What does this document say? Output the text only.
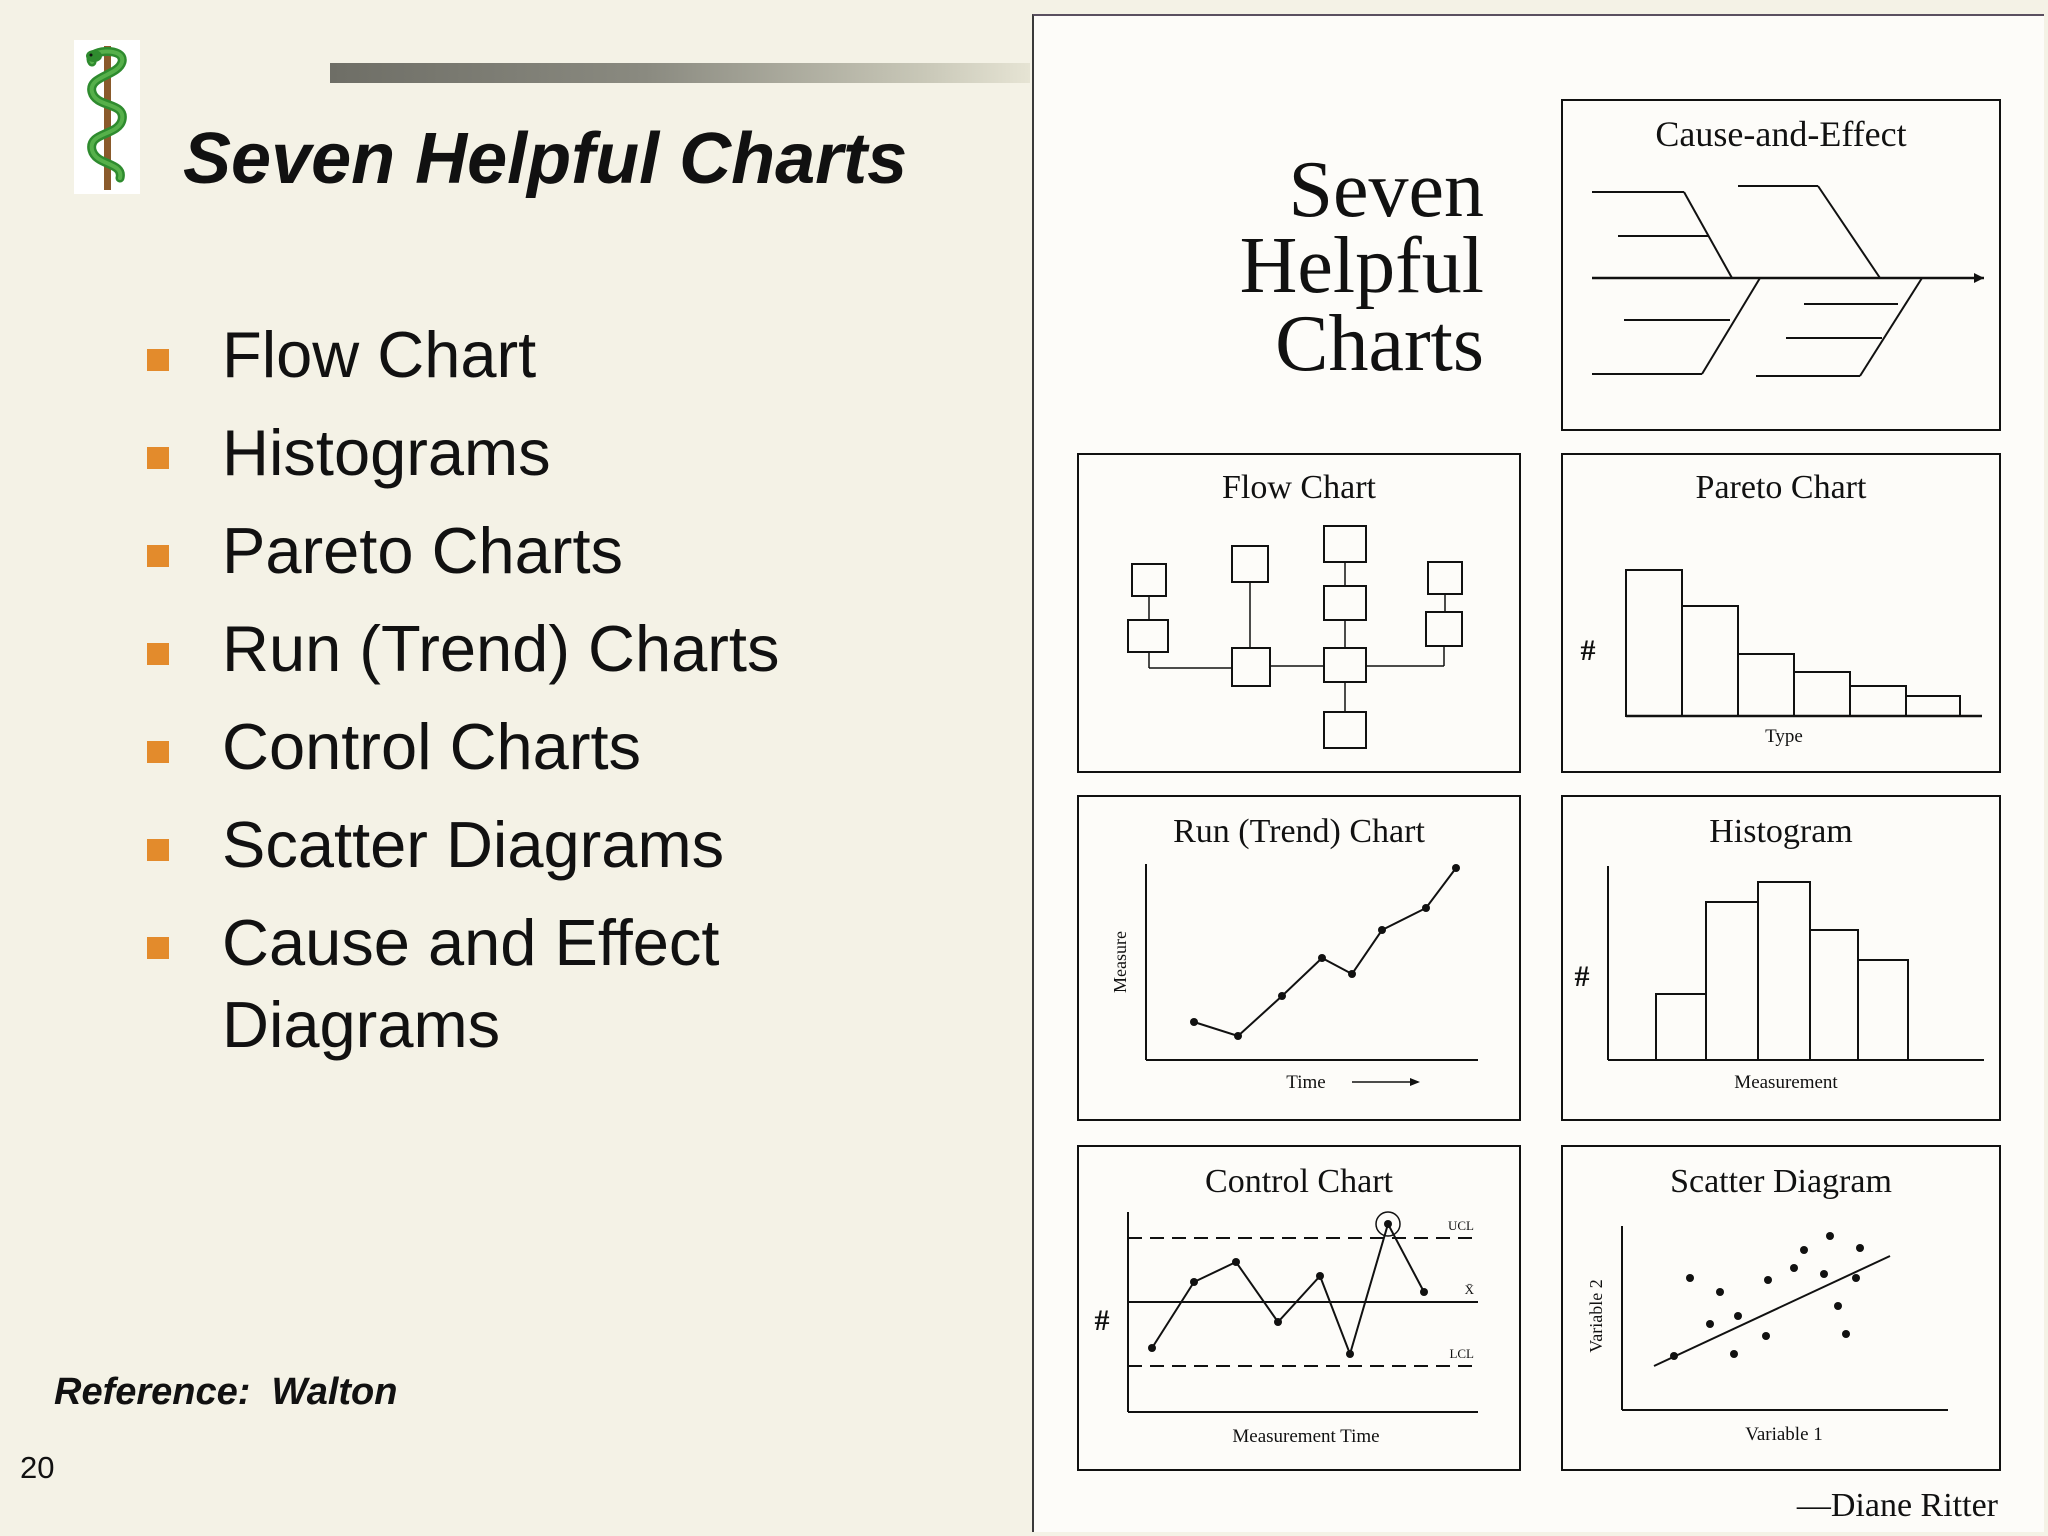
Seven Helpful Charts
Flow Chart
Histograms
Pareto Charts
Run (Trend) Charts
Control Charts
Scatter Diagrams
Cause and Effect Diagrams
Reference:  Walton
20
Seven
Helpful
Charts
Cause-and-Effect
Flow Chart	Pareto Chart
#
Type
Run (Trend) Chart
Measure
Time
Histogram
#
Measurement
Control Chart
#
UCL
X̄
LCL
Measurement Time
Scatter Diagram
Variable 2
Variable 1
—Diane Ritter
